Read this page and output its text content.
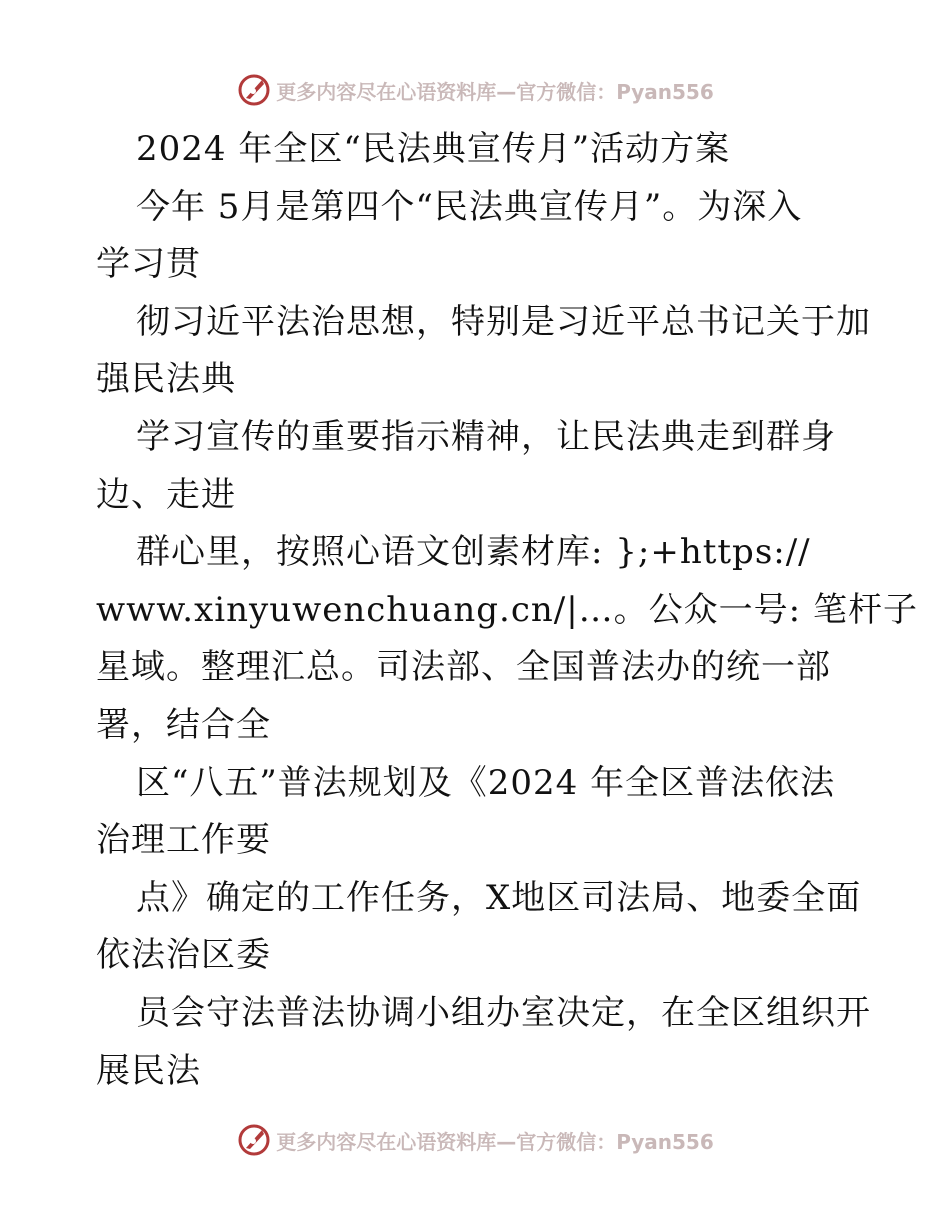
更多内容尽在心语资料库—官方微信：Pyan556
2024 年全区“民法典宣传月”活动方案
今年 5月是第四个“民法典宣传月”。为深入
学习贯
彻习近平法治思想，特别是习近平总书记关于加
强民法典
学习宣传的重要指示精神，让民法典走到群身
边、走进
群心里，按照心语文创素材库: };+https://
www.xinyuwenchuang.cn/|…。公众一号: 笔杆子
星域。整理汇总。司法部、全国普法办的统一部
署，结合全
区“八五”普法规划及《2024 年全区普法依法
治理工作要
点》确定的工作任务，X地区司法局、地委全面
依法治区委
员会守法普法协调小组办室决定，在全区组织开
展民法
更多内容尽在心语资料库—官方微信：Pyan556
